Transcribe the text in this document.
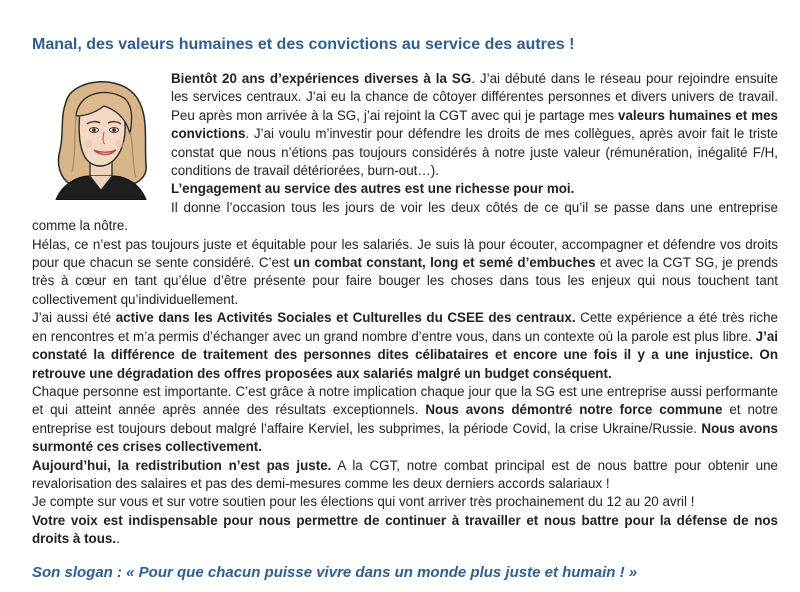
Manal, des valeurs humaines et des convictions au service des autres !

Bientôt 20 ans d’expériences diverses à la SG. J’ai débuté dans le réseau pour rejoindre ensuite les services centraux. J’ai eu la chance de côtoyer différentes personnes et divers univers de travail. Peu après mon arrivée à la SG, j’ai rejoint la CGT avec qui je partage mes valeurs humaines et mes convictions. J’ai voulu m’investir pour défendre les droits de mes collègues, après avoir fait le triste constat que nous n’étions pas toujours considérés à notre juste valeur (rémunération, inégalité F/H, conditions de travail détériorées, burn-out…).
L’engagement au service des autres est une richesse pour moi.

Il donne l’occasion tous les jours de voir les deux côtés de ce qu’il se passe dans une entreprise comme la nôtre.

Hélas, ce n’est pas toujours juste et équitable pour les salariés. Je suis là pour écouter, accompagner et défendre vos droits pour que chacun se sente considéré. C’est un combat constant, long et semé d’embuches et avec la CGT SG, je prends très à cœur en tant qu’élue d’être présente pour faire bouger les choses dans tous les enjeux qui nous touchent tant collectivement qu’individuellement.

J’ai aussi été active dans les Activités Sociales et Culturelles du CSEE des centraux. Cette expérience a été très riche en rencontres et m’a permis d’échanger avec un grand nombre d’entre vous, dans un contexte où la parole est plus libre. J’ai constaté la différence de traitement des personnes dites célibataires et encore une fois il y a une injustice. On retrouve une dégradation des offres proposées aux salariés malgré un budget conséquent.

Chaque personne est importante. C’est grâce à notre implication chaque jour que la SG est une entreprise aussi performante et qui atteint année après année des résultats exceptionnels. Nous avons démontré notre force commune et notre entreprise est toujours debout malgré l’affaire Kerviel, les subprimes, la période Covid, la crise Ukraine/Russie. Nous avons surmonté ces crises collectivement.

Aujourd’hui, la redistribution n’est pas juste. A la CGT, notre combat principal est de nous battre pour obtenir une revalorisation des salaires et pas des demi-mesures comme les deux derniers accords salariaux !

Je compte sur vous et sur votre soutien pour les élections qui vont arriver très prochainement du 12 au 20 avril !

Votre voix est indispensable pour nous permettre de continuer à travailler et nous battre pour la défense de nos droits à tous..

Son slogan : « Pour que chacun puisse vivre dans un monde plus juste et humain ! »
